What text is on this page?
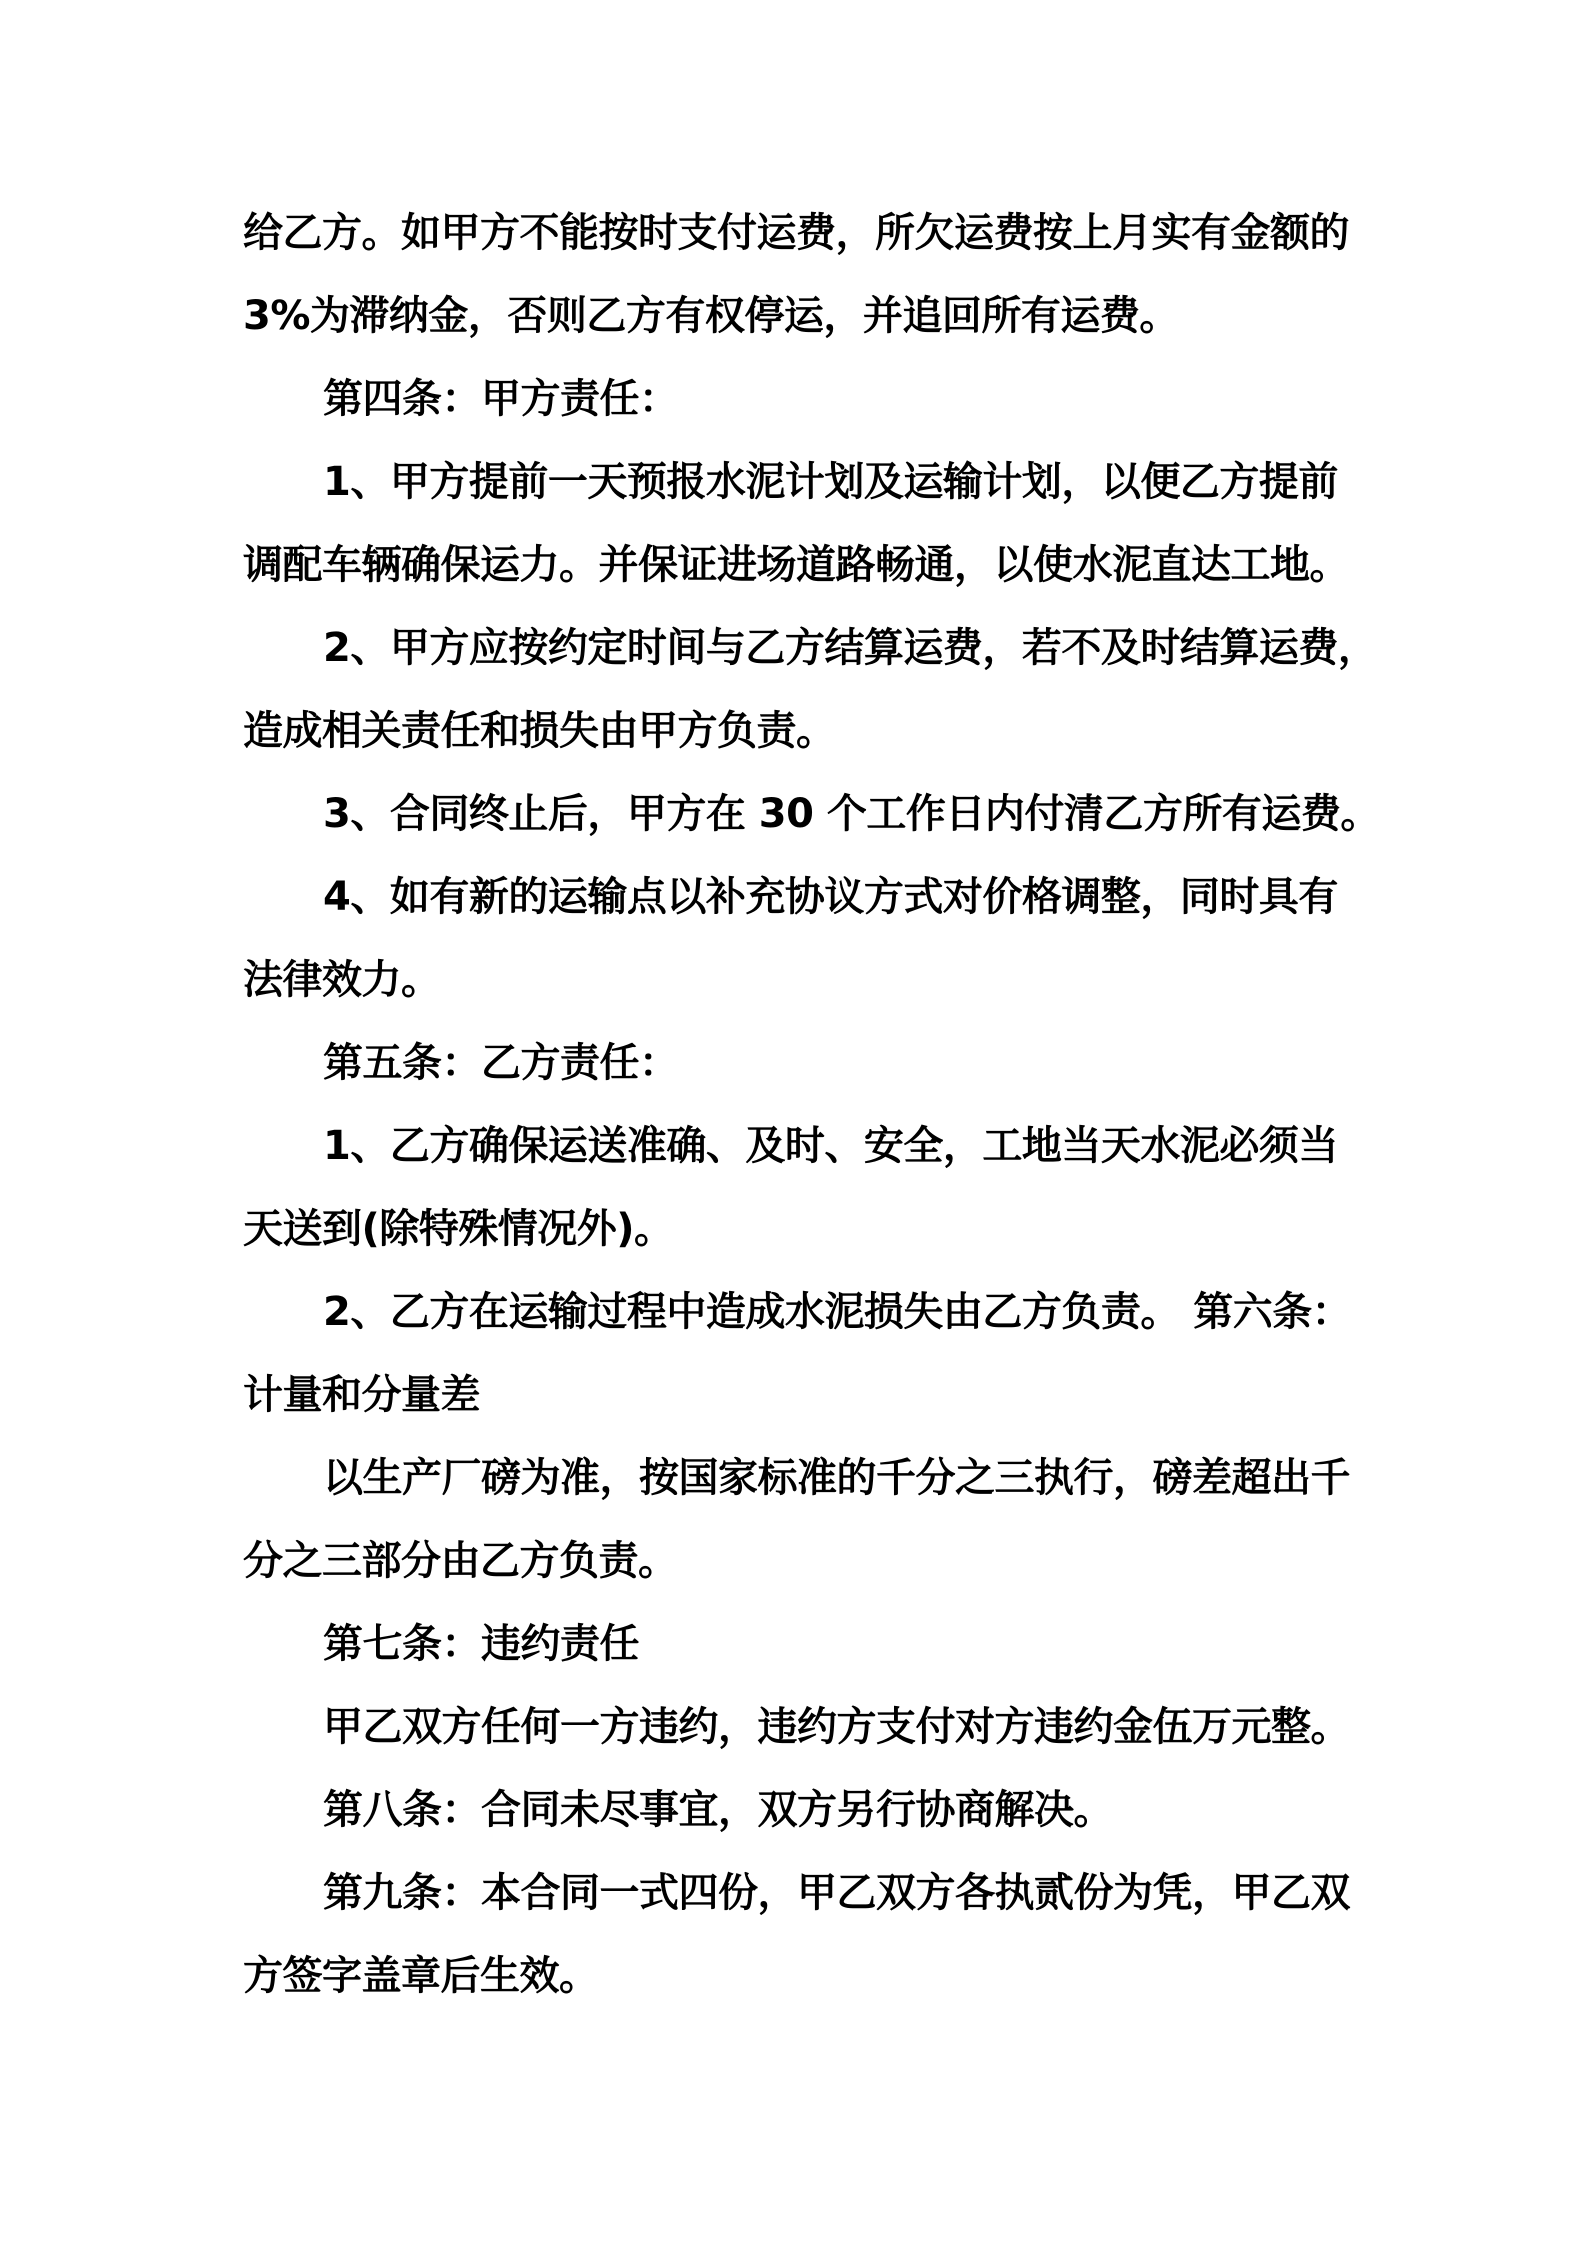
给乙方。如甲方不能按时支付运费，所欠运费按上月实有金额的
3%为滞纳金，否则乙方有权停运，并追回所有运费。
第四条：甲方责任：
1、甲方提前一天预报水泥计划及运输计划，以便乙方提前
调配车辆确保运力。并保证进场道路畅通，以使水泥直达工地。
2、甲方应按约定时间与乙方结算运费，若不及时结算运费，
造成相关责任和损失由甲方负责。
3、合同终止后，甲方在 30 个工作日内付清乙方所有运费。
4、如有新的运输点以补充协议方式对价格调整，同时具有
法律效力。
第五条：乙方责任：
1、乙方确保运送准确、及时、安全，工地当天水泥必须当
天送到(除特殊情况外)。
2、乙方在运输过程中造成水泥损失由乙方负责。 第六条：
计量和分量差
以生产厂磅为准，按国家标准的千分之三执行，磅差超出千
分之三部分由乙方负责。
第七条：违约责任
甲乙双方任何一方违约，违约方支付对方违约金伍万元整。
第八条：合同未尽事宜，双方另行协商解决。
第九条：本合同一式四份，甲乙双方各执贰份为凭，甲乙双
方签字盖章后生效。
